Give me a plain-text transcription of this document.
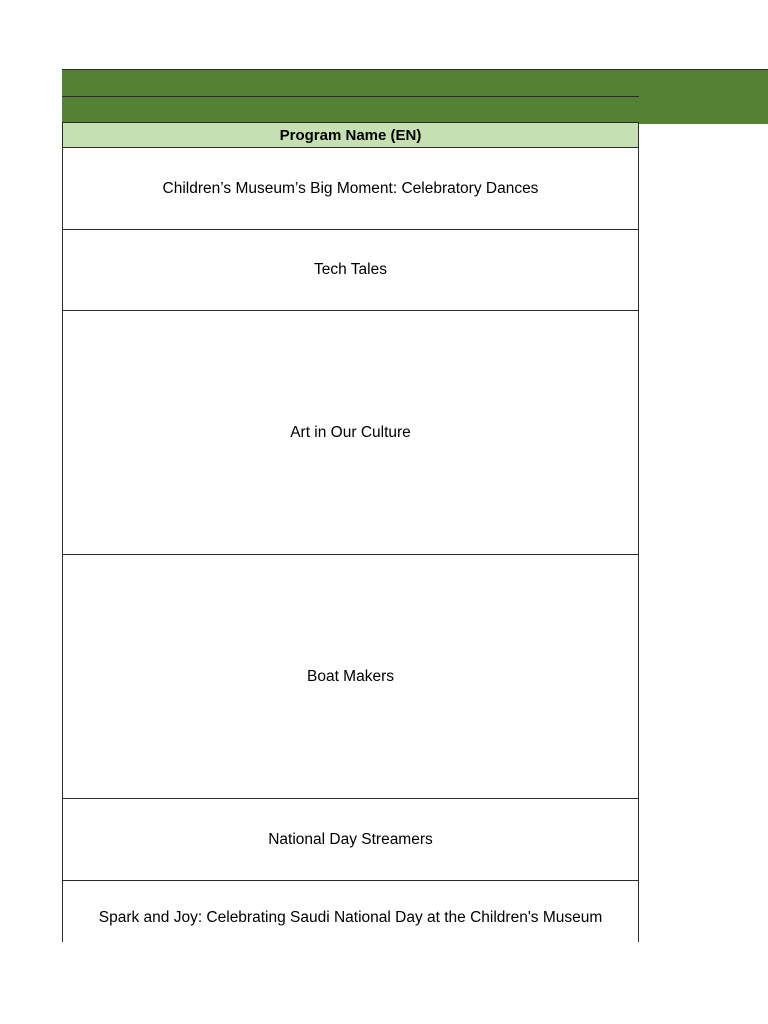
Program Name (EN)
Children’s Museum’s Big Moment: Celebratory Dances
Tech Tales
Art in Our Culture
Boat Makers
National Day Streamers
Spark and Joy: Celebrating Saudi National Day at the Children's Museum
